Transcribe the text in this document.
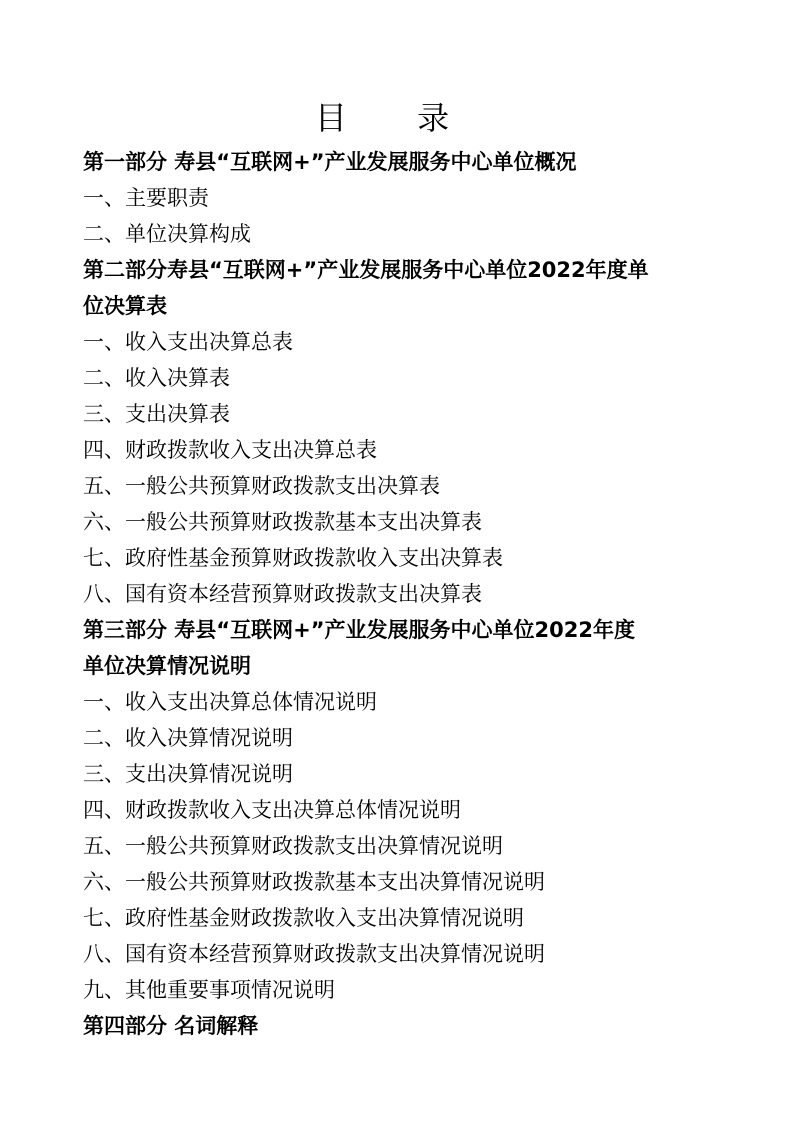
目 录
第一部分 寿县“互联网+”产业发展服务中心单位概况
一、主要职责
二、单位决算构成
第二部分寿县“互联网+”产业发展服务中心单位2022年度单
位决算表
一、收入支出决算总表
二、收入决算表
三、支出决算表
四、财政拨款收入支出决算总表
五、一般公共预算财政拨款支出决算表
六、一般公共预算财政拨款基本支出决算表
七、政府性基金预算财政拨款收入支出决算表
八、国有资本经营预算财政拨款支出决算表
第三部分 寿县“互联网+”产业发展服务中心单位2022年度
单位决算情况说明
一、收入支出决算总体情况说明
二、收入决算情况说明
三、支出决算情况说明
四、财政拨款收入支出决算总体情况说明
五、一般公共预算财政拨款支出决算情况说明
六、一般公共预算财政拨款基本支出决算情况说明
七、政府性基金财政拨款收入支出决算情况说明
八、国有资本经营预算财政拨款支出决算情况说明
九、其他重要事项情况说明
第四部分 名词解释
